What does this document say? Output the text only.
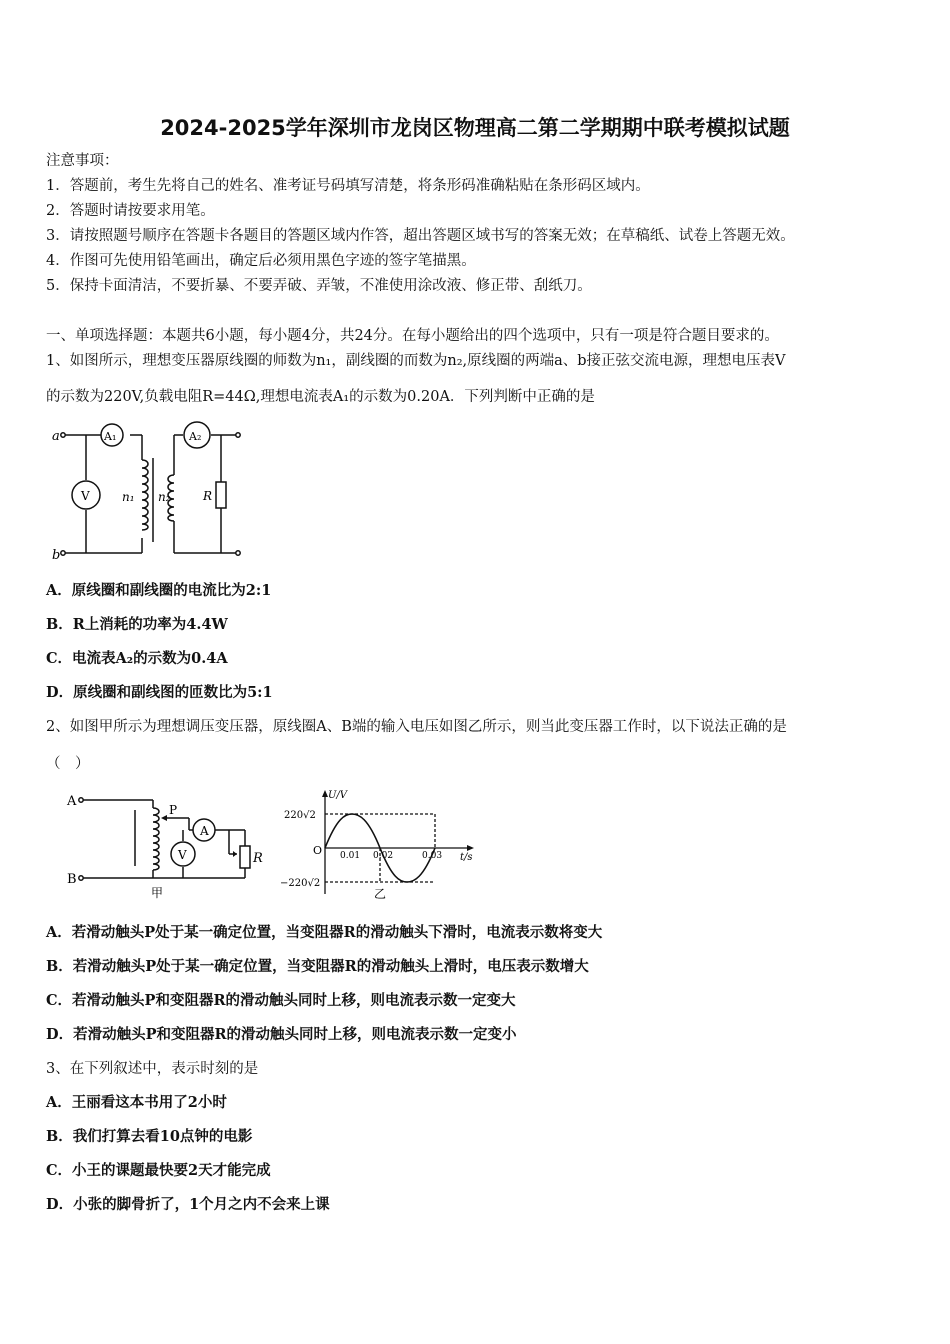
2024-2025学年深圳市龙岗区物理高二第二学期期中联考模拟试题
注意事项：
1．答题前，考生先将自己的姓名、准考证号码填写清楚，将条形码准确粘贴在条形码区域内。
2．答题时请按要求用笔。
3．请按照题号顺序在答题卡各题目的答题区域内作答，超出答题区域书写的答案无效；在草稿纸、试卷上答题无效。
4．作图可先使用铅笔画出，确定后必须用黑色字迹的签字笔描黑。
5．保持卡面清洁，不要折暴、不要弄破、弄皱，不准使用涂改液、修正带、刮纸刀。
一、单项选择题：本题共6小题，每小题4分，共24分。在每小题给出的四个选项中，只有一项是符合题目要求的。
1、如图所示，理想变压器原线圈的师数为n₁，副线圈的而数为n₂,原线圈的两端a、b接正弦交流电源，理想电压表V
的示数为220V,负载电阻R=44Ω,理想电流表A₁的示数为0.20A．下列判断中正确的是
a
b
A₁	A₂
V	n₁ n₂	R
A．原线圈和副线圈的电流比为2:1
B．R上消耗的功率为4.4W
C．电流表A₂的示数为0.4A
D．原线圈和副线图的匝数比为5:1
2、如图甲所示为理想调压变压器，原线圈A、B端的输入电压如图乙所示，则当此变压器工作时，以下说法正确的是
（　）
A
B
P
A
V	R
甲
U/V
t/s
O
220√2
−220√2
0.01 0.02	0.03
乙
A．若滑动触头P处于某一确定位置，当变阻器R的滑动触头下滑时，电流表示数将变大
B．若滑动触头P处于某一确定位置，当变阻器R的滑动触头上滑时，电压表示数增大
C．若滑动触头P和变阻器R的滑动触头同时上移，则电流表示数一定变大
D．若滑动触头P和变阻器R的滑动触头同时上移，则电流表示数一定变小
3、在下列叙述中，表示时刻的是
A．王丽看这本书用了2小时
B．我们打算去看10点钟的电影
C．小王的课题最快要2天才能完成
D．小张的脚骨折了，1个月之内不会来上课
